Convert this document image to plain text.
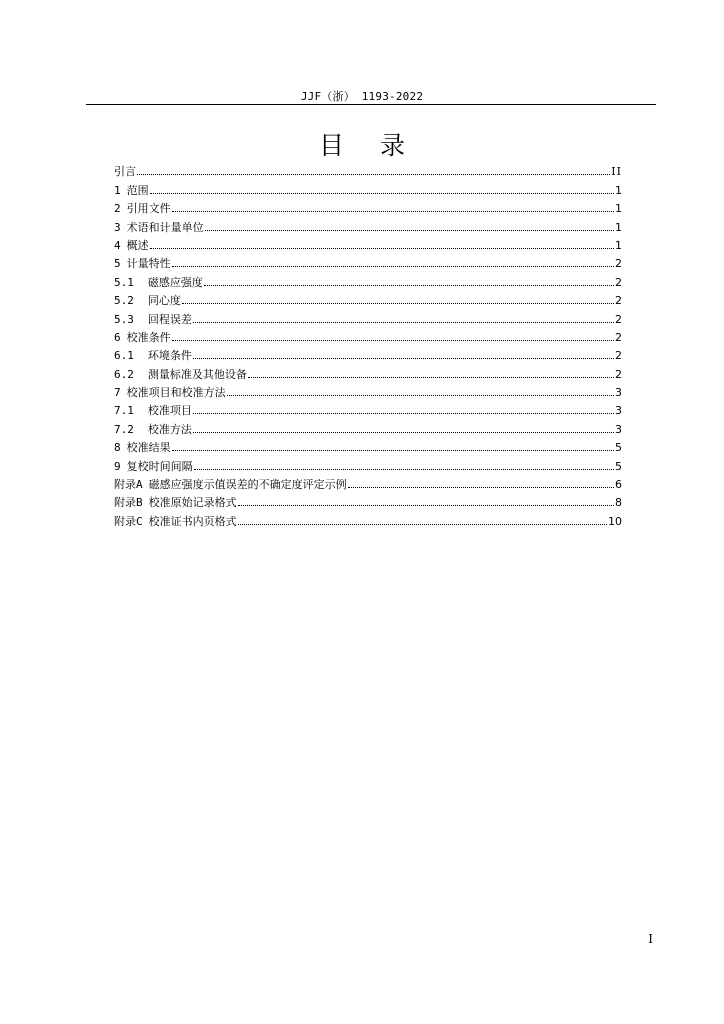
JJF（浙） 1193-2022
目 录
引言	II
1 范围	1
2 引用文件	1
3 术语和计量单位	1
4 概述	1
5 计量特性	2
5.1 磁感应强度	2
5.2 同心度	2
5.3 回程误差	2
6 校准条件	2
6.1 环境条件	2
6.2 测量标准及其他设备	2
7 校准项目和校准方法	3
7.1 校准项目	3
7.2 校准方法	3
8 校准结果	5
9 复校时间间隔	5
附录A 磁感应强度示值误差的不确定度评定示例	6
附录B 校准原始记录格式	8
附录C 校准证书内页格式	10
I
